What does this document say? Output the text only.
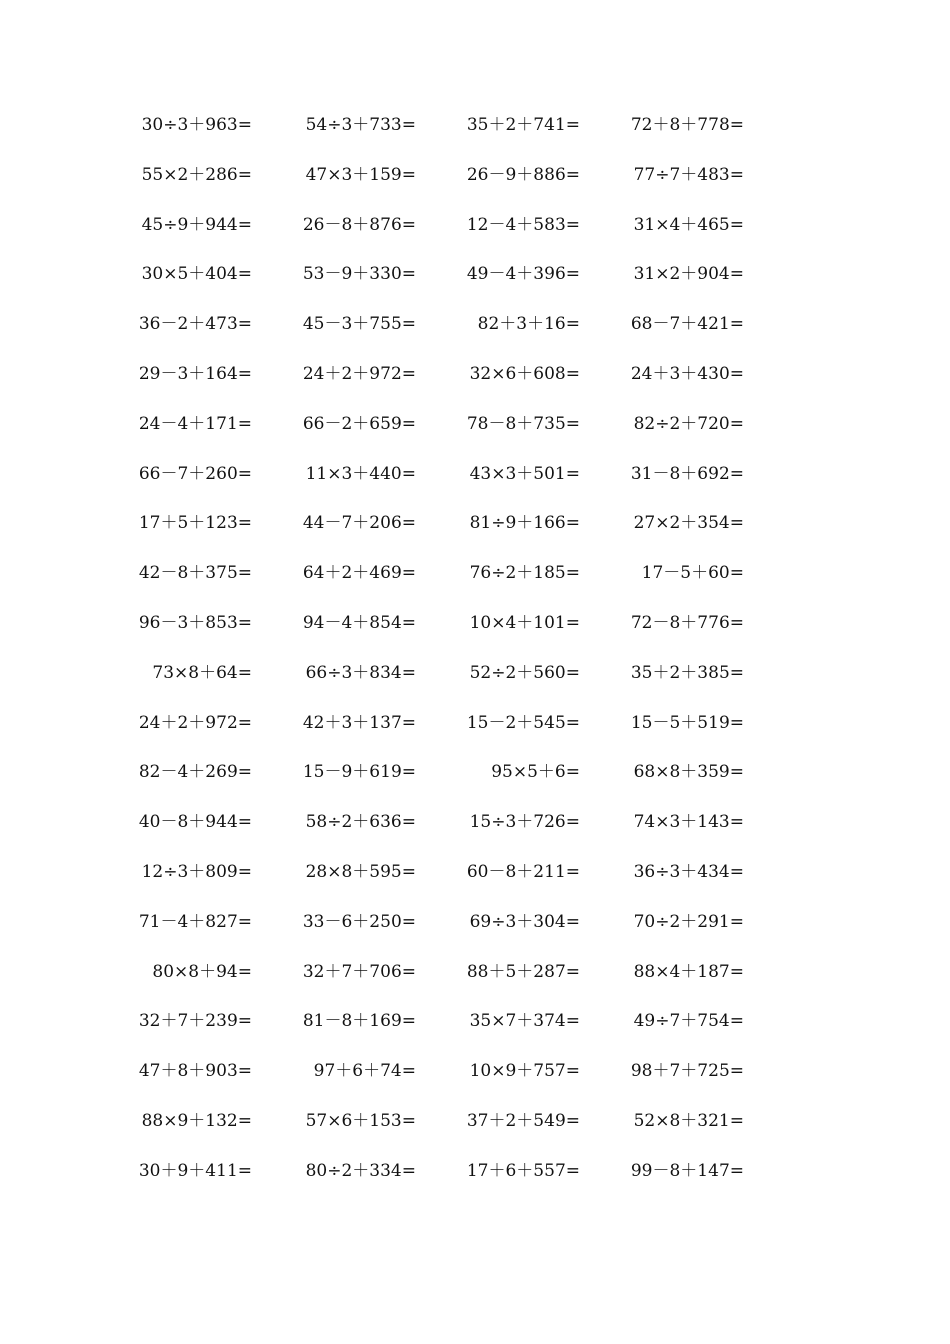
30÷3＋963=	54÷3＋733=	35＋2＋741=	72＋8＋778=
55×2＋286=	47×3＋159=	26－9＋886=	77÷7＋483=
45÷9＋944=	26－8＋876=	12－4＋583=	31×4＋465=
30×5＋404=	53－9＋330=	49－4＋396=	31×2＋904=
36－2＋473=	45－3＋755=	82＋3＋16=	68－7＋421=
29－3＋164=	24＋2＋972=	32×6＋608=	24＋3＋430=
24－4＋171=	66－2＋659=	78－8＋735=	82÷2＋720=
66－7＋260=	11×3＋440=	43×3＋501=	31－8＋692=
17＋5＋123=	44－7＋206=	81÷9＋166=	27×2＋354=
42－8＋375=	64＋2＋469=	76÷2＋185=	17－5＋60=
96－3＋853=	94－4＋854=	10×4＋101=	72－8＋776=
73×8＋64=	66÷3＋834=	52÷2＋560=	35＋2＋385=
24＋2＋972=	42＋3＋137=	15－2＋545=	15－5＋519=
82－4＋269=	15－9＋619=	95×5＋6=	68×8＋359=
40－8＋944=	58÷2＋636=	15÷3＋726=	74×3＋143=
12÷3＋809=	28×8＋595=	60－8＋211=	36÷3＋434=
71－4＋827=	33－6＋250=	69÷3＋304=	70÷2＋291=
80×8＋94=	32＋7＋706=	88＋5＋287=	88×4＋187=
32＋7＋239=	81－8＋169=	35×7＋374=	49÷7＋754=
47＋8＋903=	97＋6＋74=	10×9＋757=	98＋7＋725=
88×9＋132=	57×6＋153=	37＋2＋549=	52×8＋321=
30＋9＋411=	80÷2＋334=	17＋6＋557=	99－8＋147=
